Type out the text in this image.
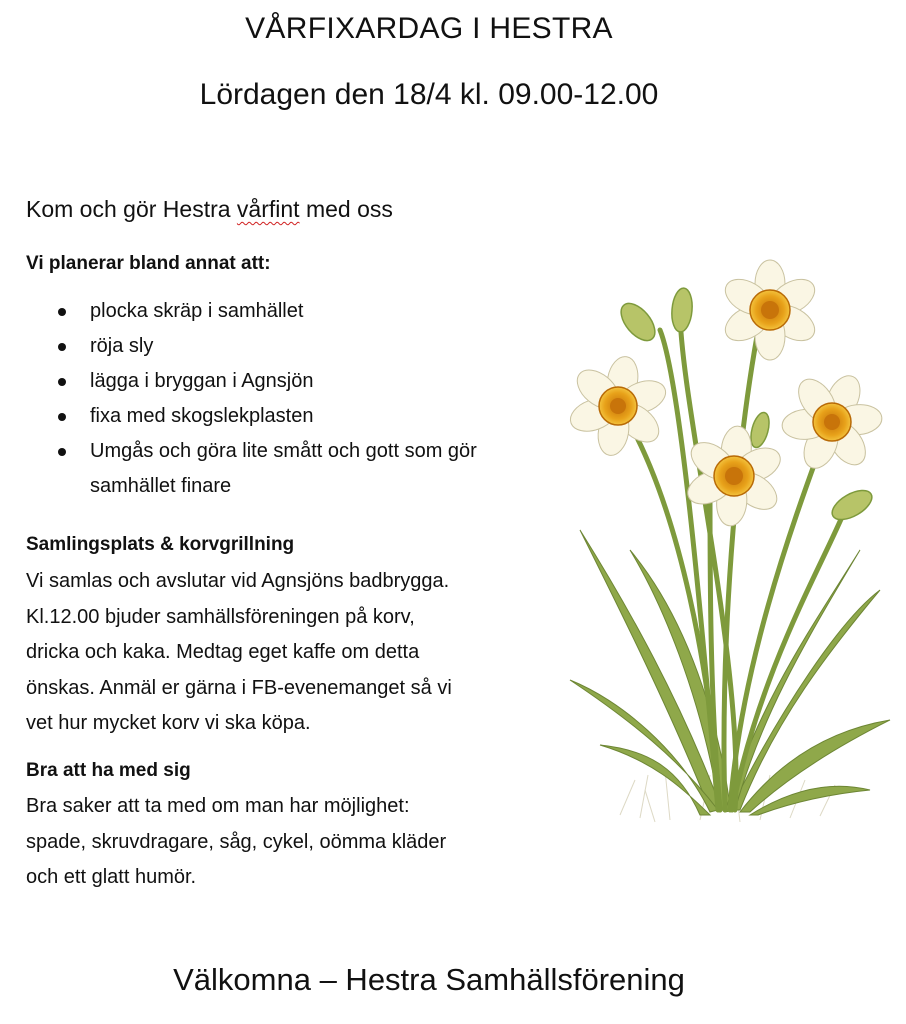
VÅRFIXARDAG I HESTRA
Lördagen den 18/4 kl. 09.00-12.00
Kom och gör Hestra vårfint med oss
Vi planerar bland annat att:
plocka skräp i samhället
röja sly
lägga i bryggan i Agnsjön
fixa med skogslekplasten
Umgås och göra lite smått och gott som gör samhället finare
Samlingsplats & korvgrillning
Vi samlas och avslutar vid Agnsjöns badbrygga.
Kl.12.00 bjuder samhällsföreningen på korv,
dricka och kaka. Medtag eget kaffe om detta
önskas. Anmäl er gärna i FB-evenemanget så vi
vet hur mycket korv vi ska köpa.
Bra att ha med sig
Bra saker att ta med om man har möjlighet:
spade, skruvdragare, såg, cykel, oömma kläder
och ett glatt humör.
Välkomna – Hestra Samhällsförening
